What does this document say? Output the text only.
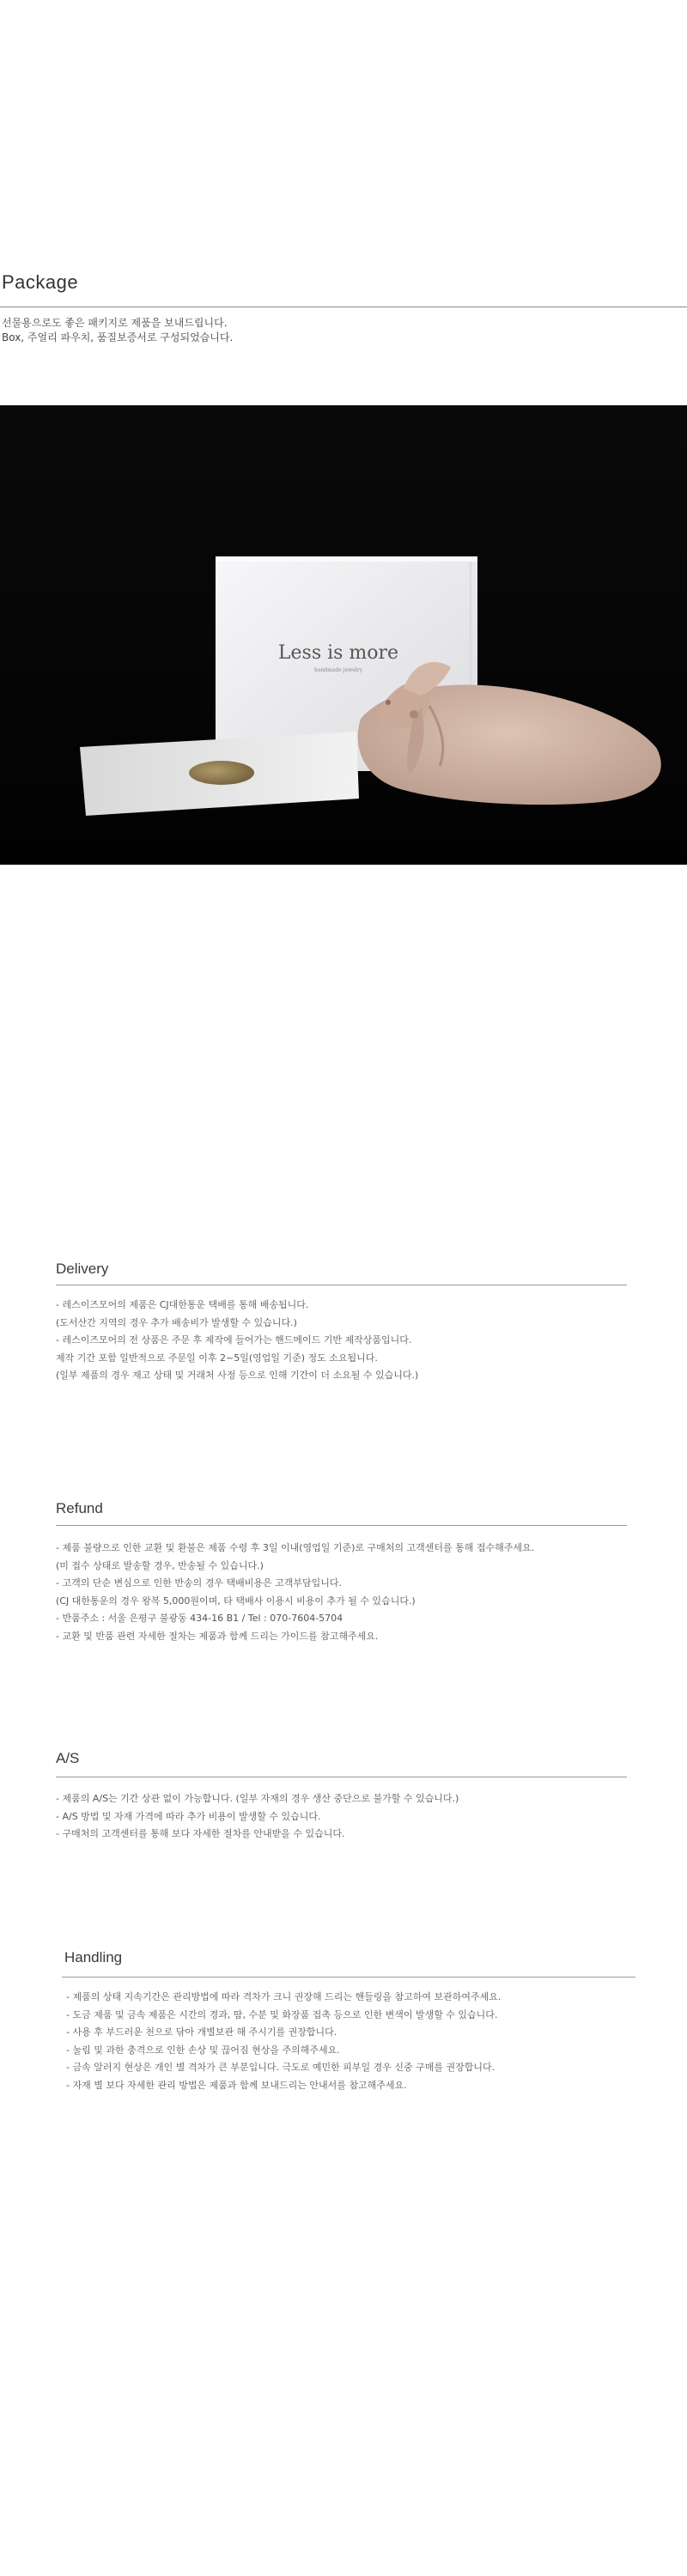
Package
선물용으로도 좋은 패키지로 제품을 보내드립니다.
Box, 주얼리 파우치, 품질보증서로 구성되었습니다.
Less is more
handmade jewelry
Delivery
- 레스이즈모어의 제품은 CJ대한통운 택배를 통해 배송됩니다.
(도서산간 지역의 경우 추가 배송비가 발생할 수 있습니다.)
- 레스이즈모어의 전 상품은 주문 후 제작에 들어가는 핸드메이드 기반 제작상품입니다.
제작 기간 포함 일반적으로 주문일 이후 2~5일(영업일 기준) 정도 소요됩니다.
(일부 제품의 경우 재고 상태 및 거래처 사정 등으로 인해 기간이 더 소요될 수 있습니다.)
Refund
- 제품 불량으로 인한 교환 및 환불은 제품 수령 후 3일 이내(영업일 기준)로 구매처의 고객센터를 통해 접수해주세요.
(미 접수 상태로 발송할 경우, 반송될 수 있습니다.)
- 고객의 단순 변심으로 인한 반송의 경우 택배비용은 고객부담입니다.
(CJ 대한통운의 경우 왕복 5,000원이며, 타 택배사 이용시 비용이 추가 될 수 있습니다.)
- 반품주소 : 서울 은평구 불광동 434-16 B1 / Tel : 070-7604-5704
- 교환 및 반품 관련 자세한 절차는 제품과 함께 드리는 가이드를 참고해주세요.
A/S
- 제품의 A/S는 기간 상관 없이 가능합니다. (일부 자재의 경우 생산 중단으로 불가할 수 있습니다.)
- A/S 방법 및 자재 가격에 따라 추가 비용이 발생할 수 있습니다.
- 구매처의 고객센터를 통해 보다 자세한 절차를 안내받을 수 있습니다.
Handling
- 제품의 상태 지속기간은 관리방법에 따라 격차가 크니 권장해 드리는 핸들링을 참고하여 보관하여주세요.
- 도금 제품 및 금속 제품은 시간의 경과, 땀, 수분 및 화장품 접촉 등으로 인한 변색이 발생할 수 있습니다.
- 사용 후 부드러운 천으로 닦아 개별보관 해 주시기를 권장합니다.
- 눌림 및 과한 충격으로 인한 손상 및 끊어짐 현상을 주의해주세요.
- 금속 알러지 현상은 개인 별 격차가 큰 부분입니다. 극도로 예민한 피부일 경우 신중 구매를 권장합니다.
- 자재 별 보다 자세한 관리 방법은 제품과 함께 보내드리는 안내서를 참고해주세요.
